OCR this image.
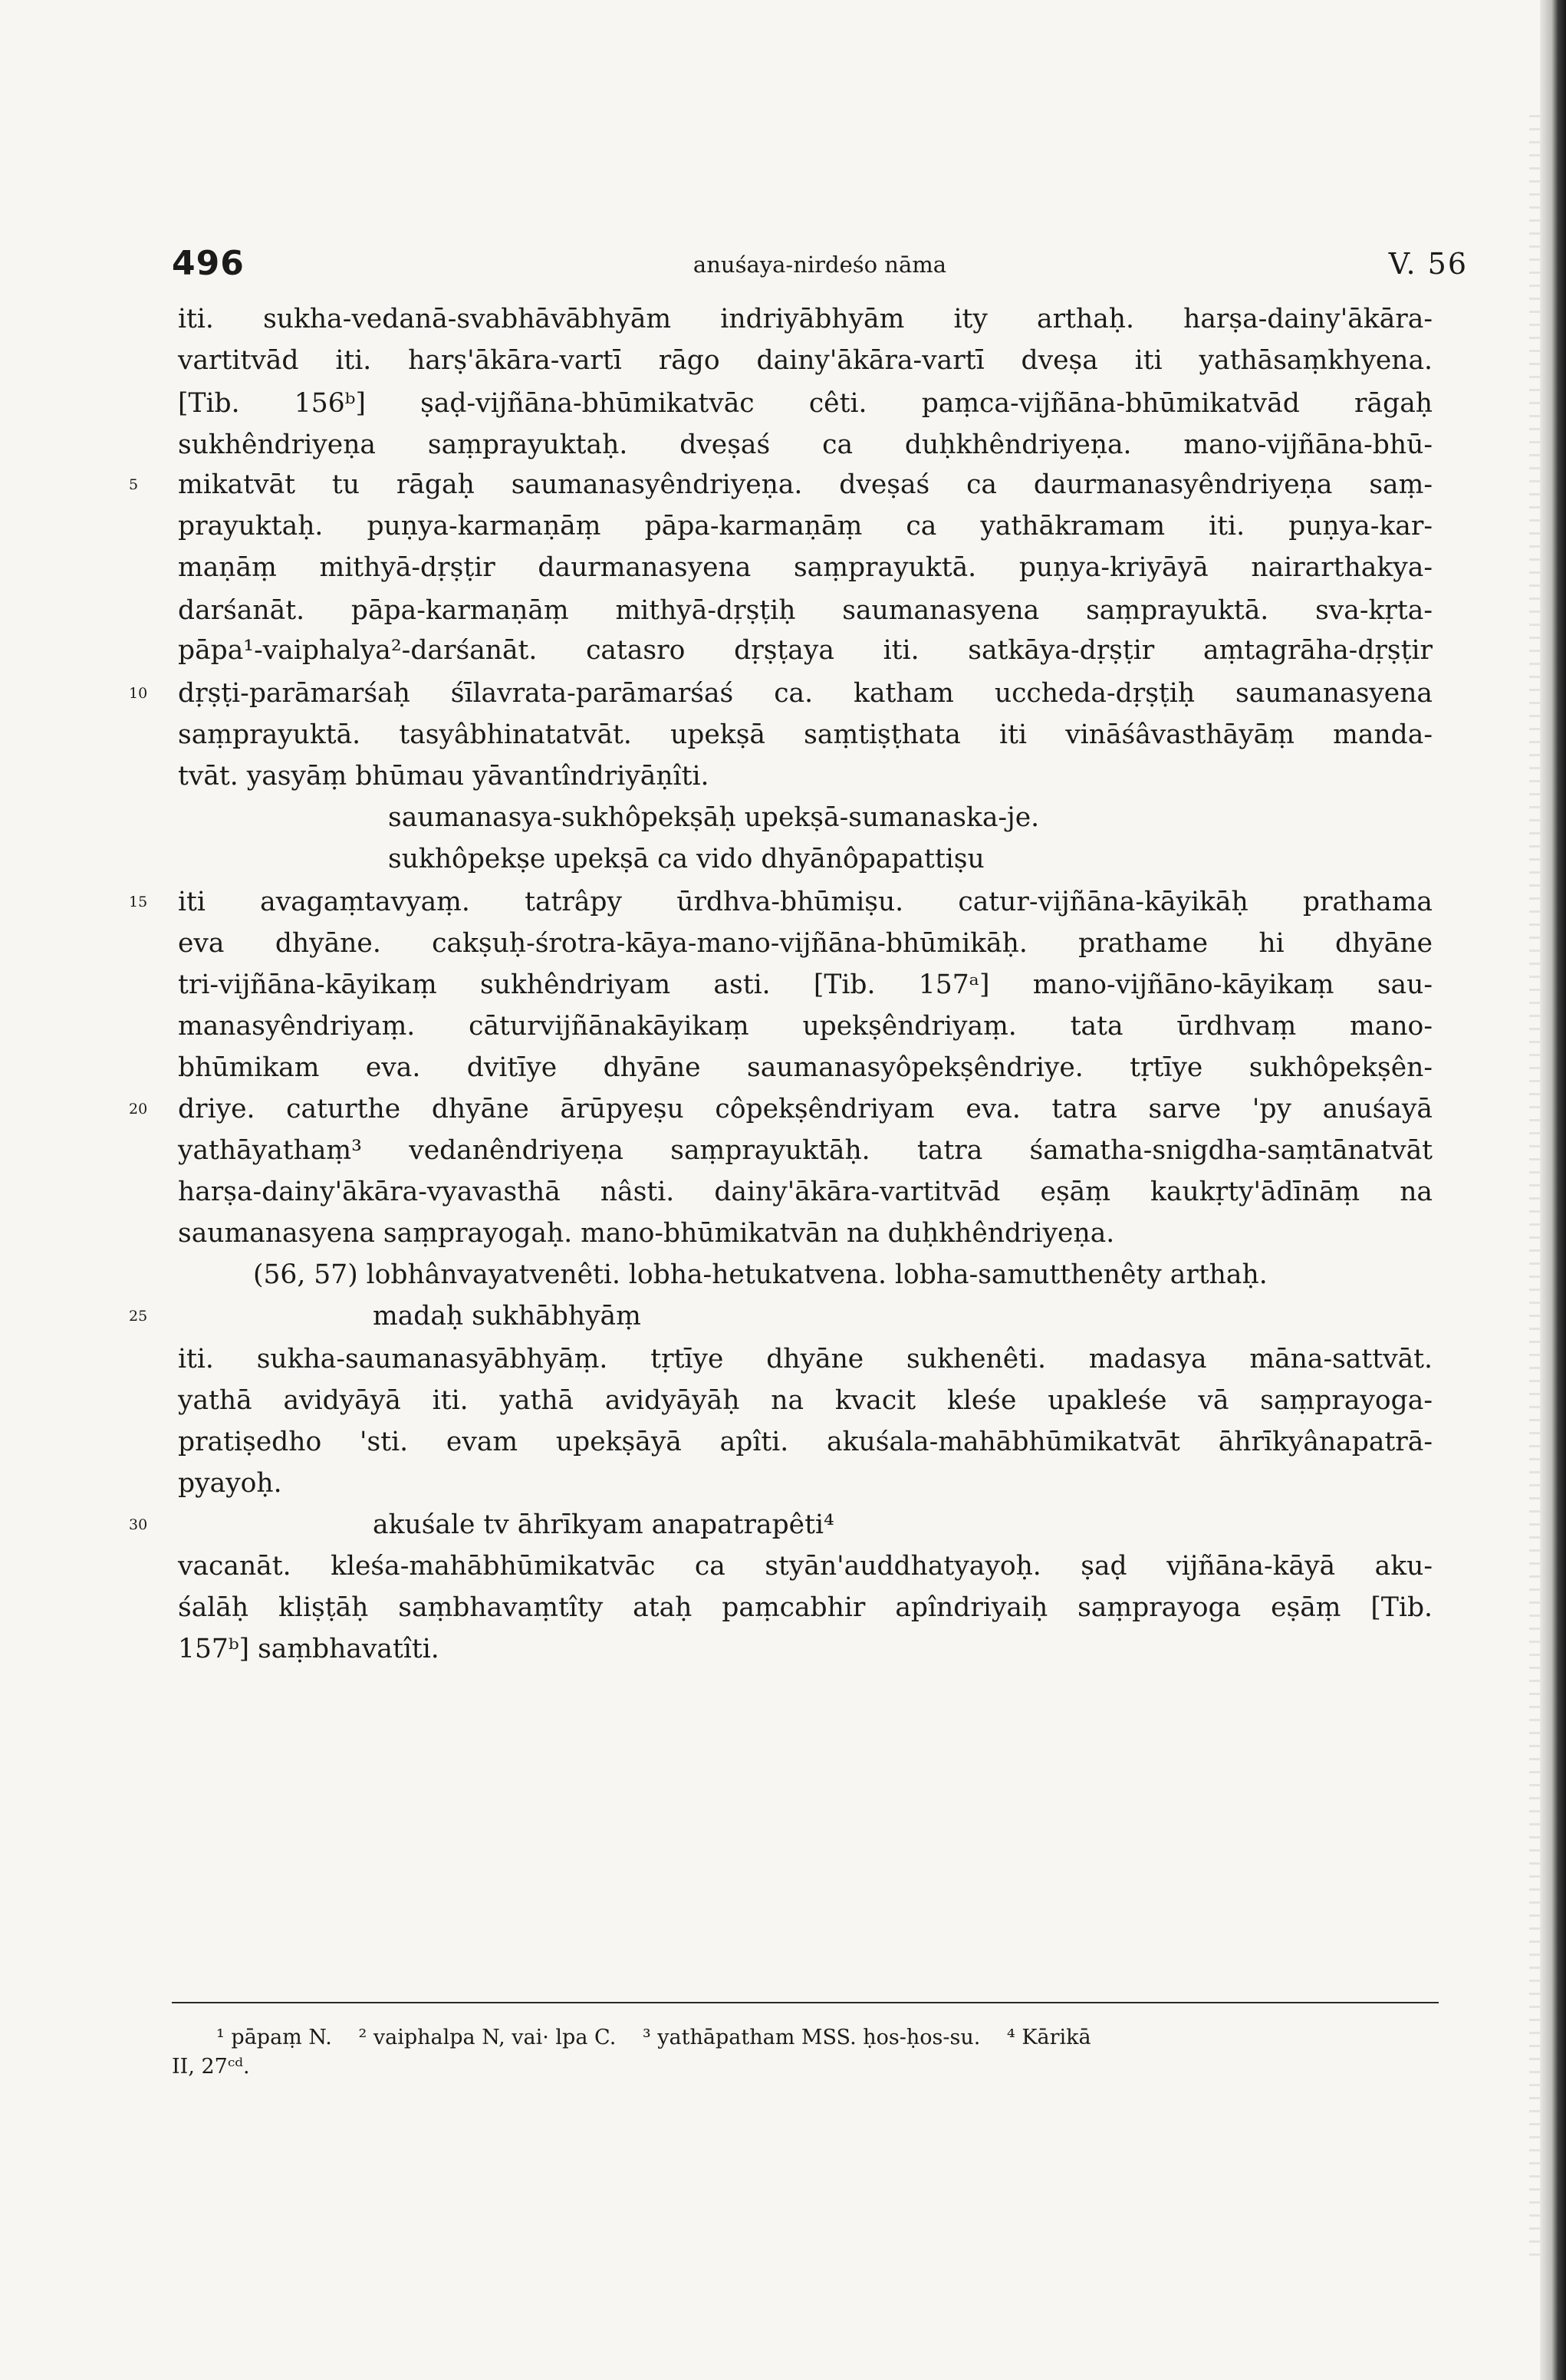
496	anuśaya-nirdeśo nāma	V. 56
iti. sukha-vedanā-svabhāvābhyām indriyābhyām ity arthaḥ. harṣa-dainy'ākāra-
vartitvād iti. harṣ'ākāra-vartī rāgo dainy'ākāra-vartī dveṣa iti yathāsaṃkhyena.
[Tib. 156ᵇ] ṣaḍ-vijñāna-bhūmikatvāc cêti. paṃca-vijñāna-bhūmikatvād rāgaḥ
sukhêndriyeṇa saṃprayuktaḥ. dveṣaś ca duḥkhêndriyeṇa. mano-vijñāna-bhū-
mikatvāt tu rāgaḥ saumanasyêndriyeṇa. dveṣaś ca daurmanasyêndriyeṇa saṃ-
prayuktaḥ. puṇya-karmaṇāṃ pāpa-karmaṇāṃ ca yathākramam iti. puṇya-kar-
maṇāṃ mithyā-dṛṣṭir daurmanasyena saṃprayuktā. puṇya-kriyāyā nairarthakya-
darśanāt. pāpa-karmaṇāṃ mithyā-dṛṣṭiḥ saumanasyena saṃprayuktā. sva-kṛta-
pāpa¹-vaiphalya²-darśanāt. catasro dṛṣṭaya iti. satkāya-dṛṣṭir aṃtagrāha-dṛṣṭir
dṛṣṭi-parāmarśaḥ śīlavrata-parāmarśaś ca. katham uccheda-dṛṣṭiḥ saumanasyena
saṃprayuktā. tasyâbhinatatvāt. upekṣā saṃtiṣṭhata iti vināśâvasthāyāṃ manda-
tvāt. yasyāṃ bhūmau yāvantîndriyāṇîti.
saumanasya-sukhôpekṣāḥ upekṣā-sumanaska-je.
sukhôpekṣe upekṣā ca vido dhyānôpapattiṣu
iti avagaṃtavyaṃ. tatrâpy ūrdhva-bhūmiṣu. catur-vijñāna-kāyikāḥ prathama
eva dhyāne. cakṣuḥ-śrotra-kāya-mano-vijñāna-bhūmikāḥ. prathame hi dhyāne
tri-vijñāna-kāyikaṃ sukhêndriyam asti. [Tib. 157ᵃ] mano-vijñāno-kāyikaṃ sau-
manasyêndriyaṃ. cāturvijñānakāyikaṃ upekṣêndriyaṃ. tata ūrdhvaṃ mano-
bhūmikam eva. dvitīye dhyāne saumanasyôpekṣêndriye. tṛtīye sukhôpekṣên-
driye. caturthe dhyāne ārūpyeṣu côpekṣêndriyam eva. tatra sarve 'py anuśayā
yathāyathaṃ³ vedanêndriyeṇa saṃprayuktāḥ. tatra śamatha-snigdha-saṃtānatvāt
harṣa-dainy'ākāra-vyavasthā nâsti. dainy'ākāra-vartitvād eṣāṃ kaukṛty'ādīnāṃ na
saumanasyena saṃprayogaḥ. mano-bhūmikatvān na duḥkhêndriyeṇa.
(56, 57) lobhânvayatvenêti. lobha-hetukatvena. lobha-samutthenêty arthaḥ.
madaḥ sukhābhyāṃ
iti. sukha-saumanasyābhyāṃ. tṛtīye dhyāne sukhenêti. madasya māna-sattvāt.
yathā avidyāyā iti. yathā avidyāyāḥ na kvacit kleśe upakleśe vā saṃprayoga-
pratiṣedho 'sti. evam upekṣāyā apîti. akuśala-mahābhūmikatvāt āhrīkyânapatrā-
pyayoḥ.
akuśale tv āhrīkyam anapatrapêti⁴
vacanāt. kleśa-mahābhūmikatvāc ca styān'auddhatyayoḥ. ṣaḍ vijñāna-kāyā aku-
śalāḥ kliṣṭāḥ saṃbhavaṃtîty ataḥ paṃcabhir apîndriyaiḥ saṃprayoga eṣāṃ [Tib.
157ᵇ] saṃbhavatîti.
5
10
15
20
25
30
¹ pāpaṃ N. ² vaiphalpa N, vai· lpa C. ³ yathāpatham MSS. ḥos-ḥos-su. ⁴ Kārikā
II, 27ᶜᵈ.
